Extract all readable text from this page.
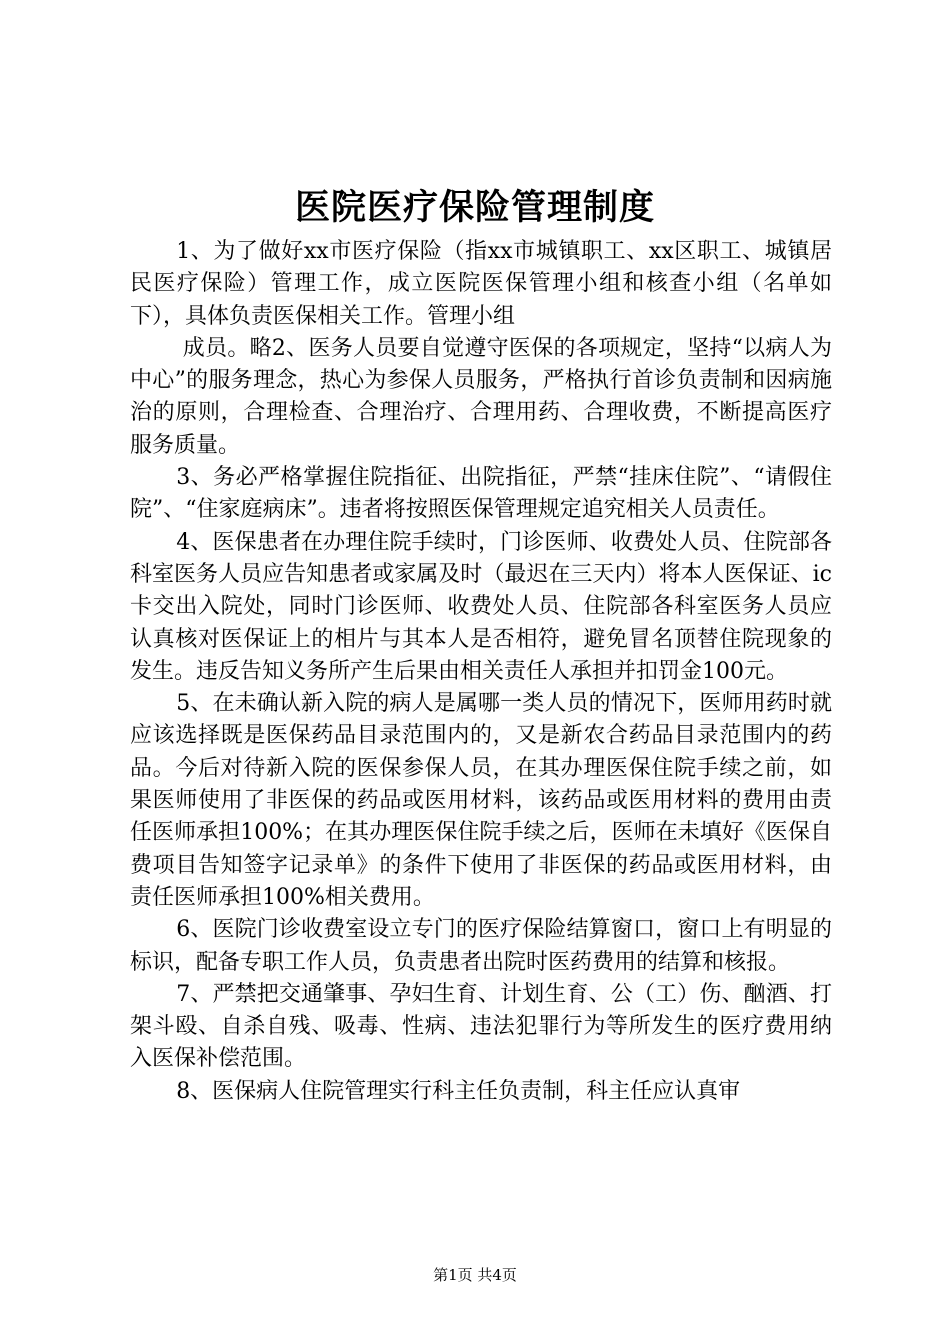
医院医疗保险管理制度

1、为了做好xx市医疗保险（指xx市城镇职工、xx区职工、城镇居民医疗保险）管理工作，成立医院医保管理小组和核查小组（名单如下），具体负责医保相关工作。管理小组

成员。略2、医务人员要自觉遵守医保的各项规定，坚持“以病人为中心”的服务理念，热心为参保人员服务，严格执行首诊负责制和因病施治的原则，合理检查、合理治疗、合理用药、合理收费，不断提高医疗服务质量。

3、务必严格掌握住院指征、出院指征，严禁“挂床住院”、“请假住院”、“住家庭病床”。违者将按照医保管理规定追究相关人员责任。

4、医保患者在办理住院手续时，门诊医师、收费处人员、住院部各科室医务人员应告知患者或家属及时（最迟在三天内）将本人医保证、ic卡交出入院处，同时门诊医师、收费处人员、住院部各科室医务人员应认真核对医保证上的相片与其本人是否相符，避免冒名顶替住院现象的发生。违反告知义务所产生后果由相关责任人承担并扣罚金100元。

5、在未确认新入院的病人是属哪一类人员的情况下，医师用药时就应该选择既是医保药品目录范围内的，又是新农合药品目录范围内的药品。今后对待新入院的医保参保人员，在其办理医保住院手续之前，如果医师使用了非医保的药品或医用材料，该药品或医用材料的费用由责任医师承担100%；在其办理医保住院手续之后，医师在未填好《医保自费项目告知签字记录单》的条件下使用了非医保的药品或医用材料，由责任医师承担100%相关费用。

6、医院门诊收费室设立专门的医疗保险结算窗口，窗口上有明显的标识，配备专职工作人员，负责患者出院时医药费用的结算和核报。

7、严禁把交通肇事、孕妇生育、计划生育、公（工）伤、酗酒、打架斗殴、自杀自残、吸毒、性病、违法犯罪行为等所发生的医疗费用纳入医保补偿范围。

8、医保病人住院管理实行科主任负责制，科主任应认真审

第1页 共4页
